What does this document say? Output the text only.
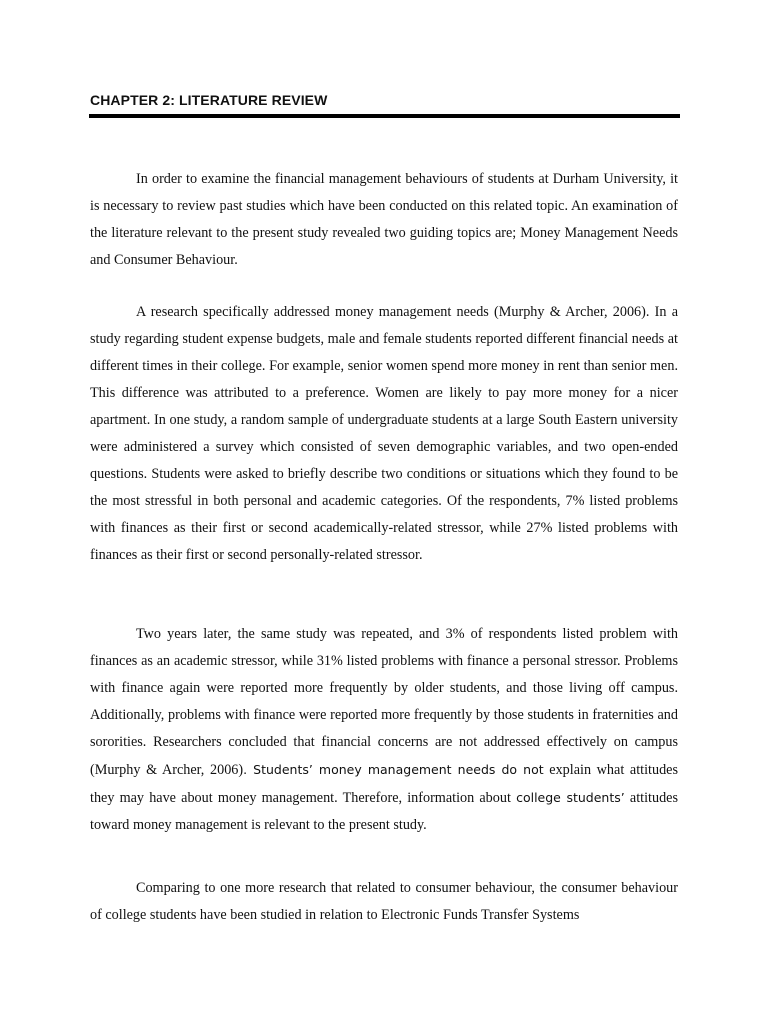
CHAPTER 2: LITERATURE REVIEW

In order to examine the financial management behaviours of students at Durham University, it is necessary to review past studies which have been conducted on this related topic. An examination of the literature relevant to the present study revealed two guiding topics are; Money Management Needs and Consumer Behaviour.

A research specifically addressed money management needs (Murphy & Archer, 2006). In a study regarding student expense budgets, male and female students reported different financial needs at different times in their college. For example, senior women spend more money in rent than senior men. This difference was attributed to a preference. Women are likely to pay more money for a nicer apartment. In one study, a random sample of undergraduate students at a large South Eastern university were administered a survey which consisted of seven demographic variables, and two open-ended questions. Students were asked to briefly describe two conditions or situations which they found to be the most stressful in both personal and academic categories. Of the respondents, 7% listed problems with finances as their first or second academically-related stressor, while 27% listed problems with finances as their first or second personally-related stressor.

Two years later, the same study was repeated, and 3% of respondents listed problem with finances as an academic stressor, while 31% listed problems with finance a personal stressor. Problems with finance again were reported more frequently by older students, and those living off campus. Additionally, problems with finance were reported more frequently by those students in fraternities and sororities. Researchers concluded that financial concerns are not addressed effectively on campus (Murphy & Archer, 2006). Students’ money management needs do not explain what attitudes they may have about money management. Therefore, information about college students’ attitudes toward money management is relevant to the present study.

Comparing to one more research that related to consumer behaviour, the consumer behaviour of college students have been studied in relation to Electronic Funds Transfer Systems
